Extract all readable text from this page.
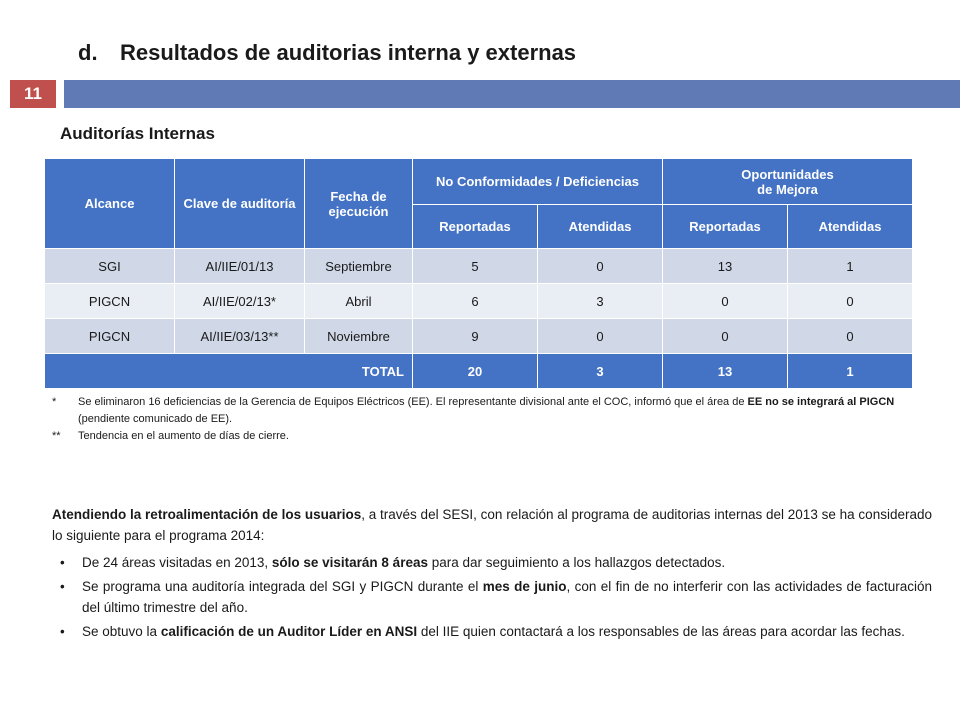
d. Resultados de auditorias interna y externas
11
Auditorías Internas
Alcance	Clave de auditoría	Fecha de ejecución	No Conformidades / Deficiencias		Oportunidades
de Mejora	
			Reportadas	Atendidas	Reportadas	Atendidas
SGI	AI/IIE/01/13	Septiembre	5	0	13	1
PIGCN	AI/IIE/02/13*	Abril	6	3	0	0
PIGCN	AI/IIE/03/13**	Noviembre	9	0	0	0
TOTAL			20	3	13	1
*	Se eliminaron 16 deficiencias de la Gerencia de Equipos Eléctricos (EE). El representante divisional ante el COC, informó que el área de EE no se integrará al PIGCN (pendiente comunicado de EE).
**	Tendencia en el aumento de días de cierre.
Atendiendo la retroalimentación de los usuarios, a través del SESI, con relación al programa de auditorias internas del 2013 se ha considerado lo siguiente para el programa 2014:
•	De 24 áreas visitadas en 2013, sólo se visitarán 8 áreas para dar seguimiento a los hallazgos detectados.
•	Se programa una auditoría integrada del SGI y PIGCN durante el mes de junio, con el fin de no interferir con las actividades de facturación del último trimestre del año.
•	Se obtuvo la calificación de un Auditor Líder en ANSI del IIE quien contactará a los responsables de las áreas para acordar las fechas.
